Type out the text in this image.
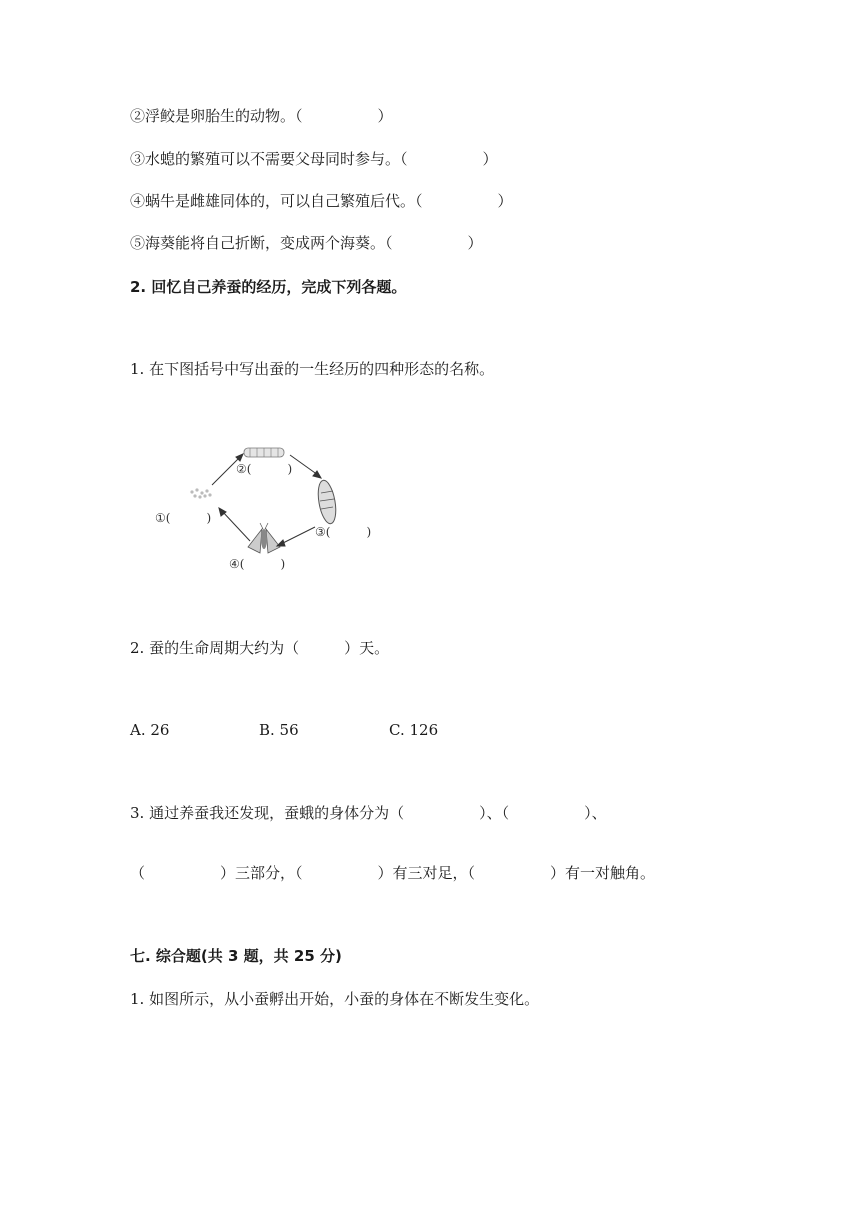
②浮鲛是卵胎生的动物。（　　　　　）
③水螅的繁殖可以不需要父母同时参与。（　　　　　）
④蜗牛是雌雄同体的，可以自己繁殖后代。（　　　　　）
⑤海葵能将自己折断，变成两个海葵。（　　　　　）
2. 回忆自己养蚕的经历，完成下列各题。
1. 在下图括号中写出蚕的一生经历的四种形态的名称。
①(　　　)
②(　　　)
③(　　　)
④(　　　)
2. 蚕的生命周期大约为（　　　）天。
A. 26	B. 56	C. 126
3. 通过养蚕我还发现，蚕蛾的身体分为（　　　　　）、（　　　　　）、
（　　　　　）三部分，（　　　　　）有三对足，（　　　　　）有一对触角。
七. 综合题(共 3 题，共 25 分)
1. 如图所示，从小蚕孵出开始，小蚕的身体在不断发生变化。
